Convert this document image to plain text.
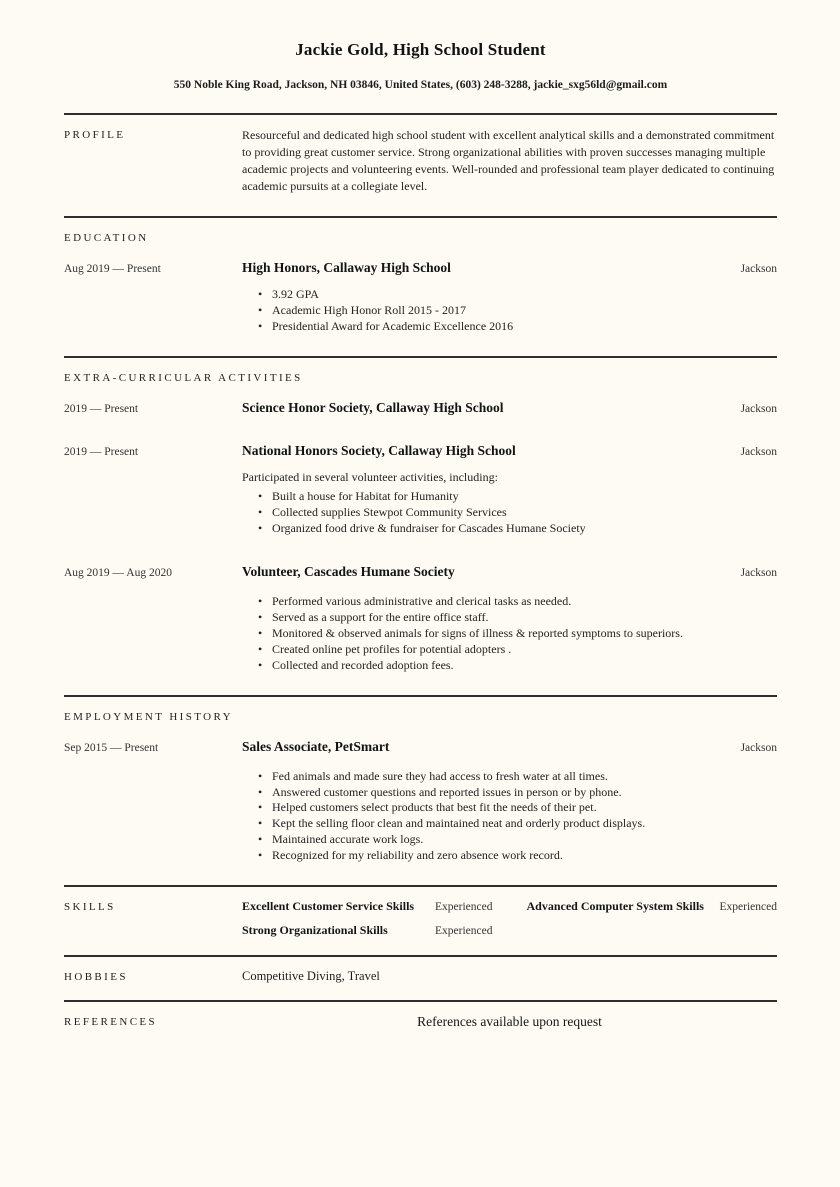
Jackie Gold, High School Student
550 Noble King Road, Jackson, NH 03846, United States, (603) 248-3288, jackie_sxg56ld@gmail.com
PROFILE	Resourceful and dedicated high school student with excellent analytical skills and a demonstrated commitment to providing great customer service. Strong organizational abilities with proven successes managing multiple academic projects and volunteering events. Well-rounded and professional team player dedicated to continuing academic pursuits at a collegiate level.

EDUCATION
Aug 2019 — Present	High Honors, Callaway High School	Jackson
• 3.92 GPA
• Academic High Honor Roll 2015 - 2017
• Presidential Award for Academic Excellence 2016
EXTRA-CURRICULAR ACTIVITIES
2019 — Present	Science Honor Society, Callaway High School	Jackson
2019 — Present	National Honors Society, Callaway High School	Jackson

Participated in several volunteer activities, including:

• Built a house for Habitat for Humanity
• Collected supplies Stewpot Community Services
• Organized food drive & fundraiser for Cascades Humane Society
Aug 2019 — Aug 2020	Volunteer, Cascades Humane Society	Jackson
• Performed various administrative and clerical tasks as needed.
• Served as a support for the entire office staff.
• Monitored & observed animals for signs of illness & reported symptoms to superiors.
• Created online pet profiles for potential adopters .
• Collected and recorded adoption fees.
EMPLOYMENT HISTORY
Sep 2015 — Present	Sales Associate, PetSmart	Jackson
• Fed animals and made sure they had access to fresh water at all times.
• Answered customer questions and reported issues in person or by phone.
• Helped customers select products that best fit the needs of their pet.
• Kept the selling floor clean and maintained neat and orderly product displays.
• Maintained accurate work logs.
• Recognized for my reliability and zero absence work record.
SKILLS	Excellent Customer Service Skills Experienced	Advanced Computer System Skills Experienced
Strong Organizational Skills	Experienced
HOBBIES	Competitive Diving, Travel
REFERENCES	References available upon request
